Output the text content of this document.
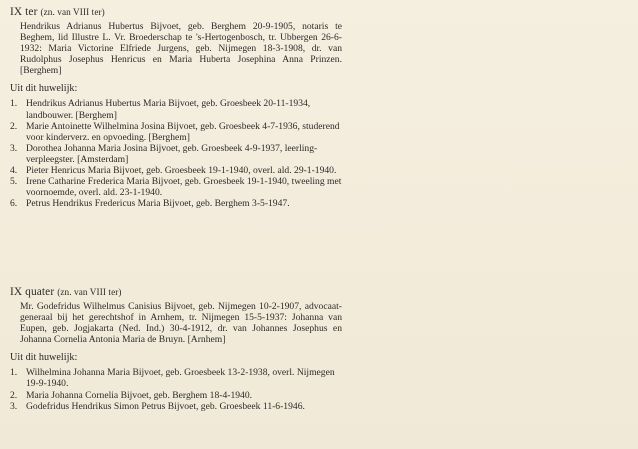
IX ter (zn. van VIII ter)

Hendrikus Adrianus Hubertus Bijvoet, geb. Berghem 20-9-1905, notaris te Beghem, lid Illustre L. Vr. Broederschap te 's-Hertogenbosch, tr. Ubbergen 26-6-1932: Maria Victorine Elfriede Jurgens, geb. Nijmegen 18-3-1908, dr. van Rudolphus Josephus Henricus en Maria Huberta Josephina Anna Prinzen. [Berghem]

Uit dit huwelijk:

1. Hendrikus Adrianus Hubertus Maria Bijvoet, geb. Groesbeek 20-11-1934, landbouwer. [Berghem]
2. Marie Antoinette Wilhelmina Josina Bijvoet, geb. Groesbeek 4-7-1936, studerend voor kinderverz. en opvoeding. [Berghem]
3. Dorothea Johanna Maria Josina Bijvoet, geb. Groesbeek 4-9-1937, leerling-verpleegster. [Amsterdam]
4. Pieter Henricus Maria Bijvoet, geb. Groesbeek 19-1-1940, overl. ald. 29-1-1940.
5. Irene Catharine Frederica Maria Bijvoet, geb. Groesbeek 19-1-1940, tweeling met voornoemde, overl. ald. 23-1-1940.
6. Petrus Hendrikus Fredericus Maria Bijvoet, geb. Berghem 3-5-1947.

IX quater (zn. van VIII ter)

Mr. Godefridus Wilhelmus Canisius Bijvoet, geb. Nijmegen 10-2-1907, advocaat-generaal bij het gerechtshof in Arnhem, tr. Nijmegen 15-5-1937: Johanna van Eupen, geb. Jogjakarta (Ned. Ind.) 30-4-1912, dr. van Johannes Josephus en Johanna Cornelia Antonia Maria de Bruyn. [Arnhem]

Uit dit huwelijk:

1. Wilhelmina Johanna Maria Bijvoet, geb. Groesbeek 13-2-1938, overl. Nijmegen 19-9-1940.
2. Maria Johanna Cornelia Bijvoet, geb. Berghem 18-4-1940.
3. Godefridus Hendrikus Simon Petrus Bijvoet, geb. Groesbeek 11-6-1946.
